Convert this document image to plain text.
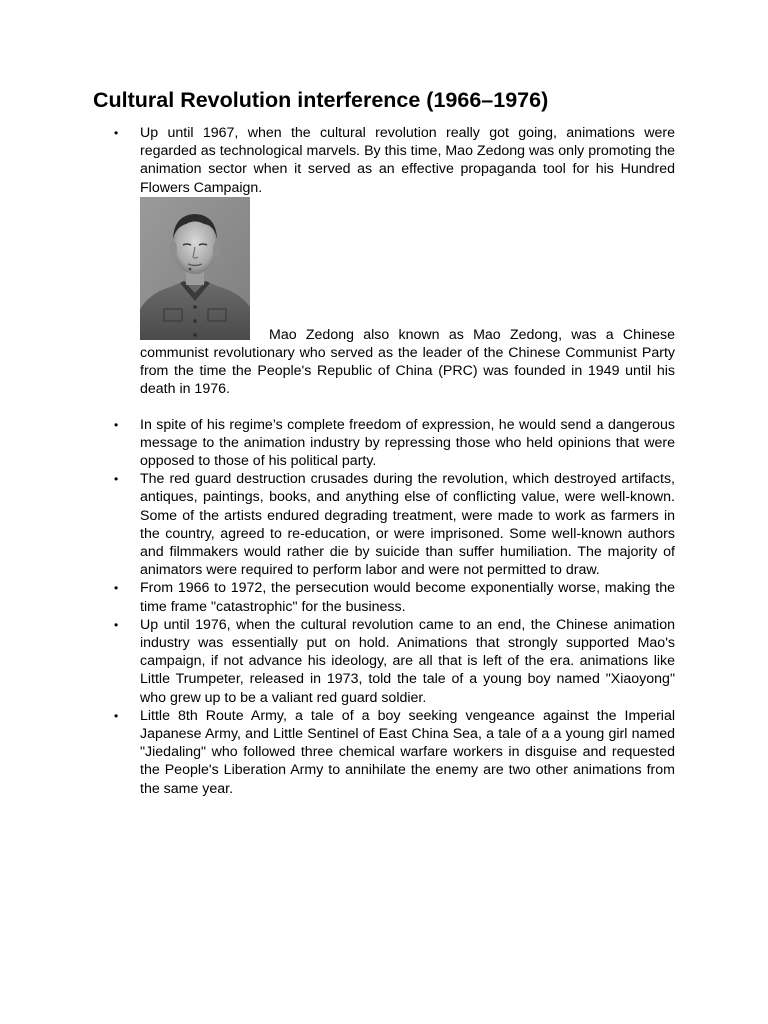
Cultural Revolution interference (1966–1976)
• Up until 1967, when the cultural revolution really got going, animations were regarded as technological marvels. By this time, Mao Zedong was only promoting the animation sector when it served as an effective propaganda tool for his Hundred Flowers Campaign.
Mao Zedong also known as Mao Zedong, was a Chinese communist revolutionary who served as the leader of the Chinese Communist Party from the time the People's Republic of China (PRC) was founded in 1949 until his death in 1976.
• In spite of his regime’s complete freedom of expression, he would send a dangerous message to the animation industry by repressing those who held opinions that were opposed to those of his political party.
• The red guard destruction crusades during the revolution, which destroyed artifacts, antiques, paintings, books, and anything else of conflicting value, were well-known. Some of the artists endured degrading treatment, were made to work as farmers in the country, agreed to re-education, or were imprisoned. Some well-known authors and filmmakers would rather die by suicide than suffer humiliation. The majority of animators were required to perform labor and were not permitted to draw.
• From 1966 to 1972, the persecution would become exponentially worse, making the time frame "catastrophic" for the business.
• Up until 1976, when the cultural revolution came to an end, the Chinese animation industry was essentially put on hold. Animations that strongly supported Mao's campaign, if not advance his ideology, are all that is left of the era. animations like Little Trumpeter, released in 1973, told the tale of a young boy named "Xiaoyong" who grew up to be a valiant red guard soldier.
• Little 8th Route Army, a tale of a boy seeking vengeance against the Imperial Japanese Army, and Little Sentinel of East China Sea, a tale of a a young girl named "Jiedaling" who followed three chemical warfare workers in disguise and requested the People's Liberation Army to annihilate the enemy are two other animations from the same year.
